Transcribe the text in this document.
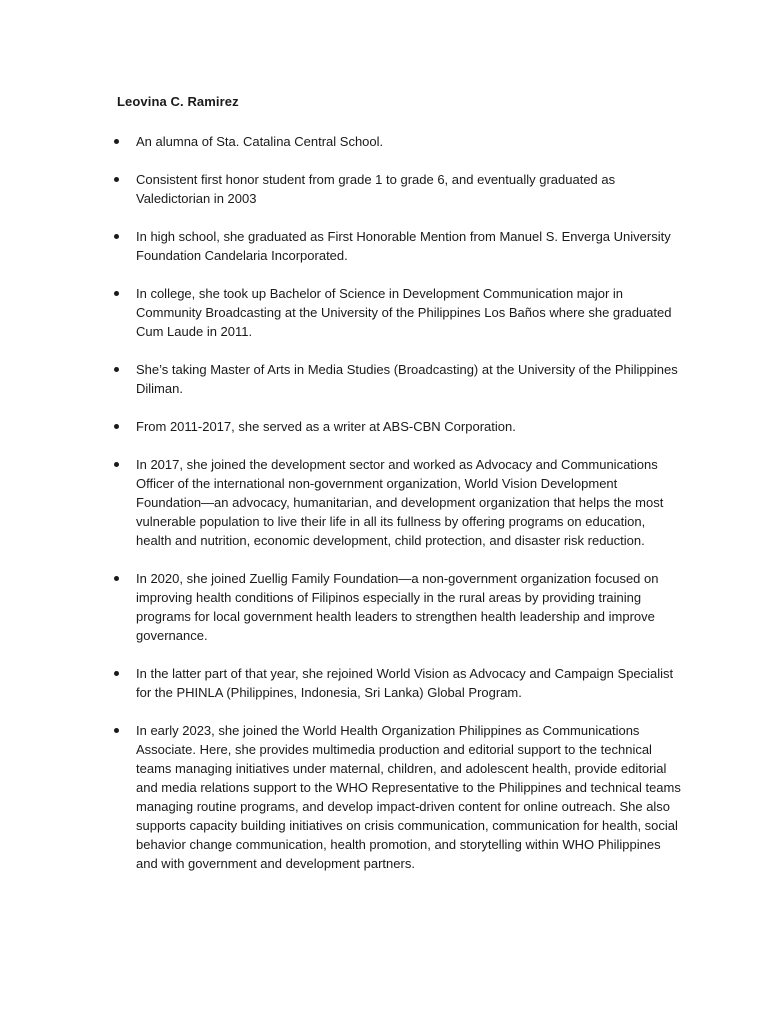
Leovina C. Ramirez
An alumna of Sta. Catalina Central School.
Consistent first honor student from grade 1 to grade 6, and eventually graduated as Valedictorian in 2003
In high school, she graduated as First Honorable Mention from Manuel S. Enverga University Foundation Candelaria Incorporated.
In college, she took up Bachelor of Science in Development Communication major in Community Broadcasting at the University of the Philippines Los Baños where she graduated Cum Laude in 2011.
She’s taking Master of Arts in Media Studies (Broadcasting) at the University of the Philippines Diliman.
From 2011-2017, she served as a writer at ABS-CBN Corporation.
In 2017, she joined the development sector and worked as Advocacy and Communications Officer of the international non-government organization, World Vision Development Foundation—an advocacy, humanitarian, and development organization that helps the most vulnerable population to live their life in all its fullness by offering programs on education, health and nutrition, economic development, child protection, and disaster risk reduction.
In 2020, she joined Zuellig Family Foundation—a non-government organization focused on improving health conditions of Filipinos especially in the rural areas by providing training programs for local government health leaders to strengthen health leadership and improve governance.
In the latter part of that year, she rejoined World Vision as Advocacy and Campaign Specialist for the PHINLA (Philippines, Indonesia, Sri Lanka) Global Program.
In early 2023, she joined the World Health Organization Philippines as Communications Associate. Here, she provides multimedia production and editorial support to the technical teams managing initiatives under maternal, children, and adolescent health, provide editorial and media relations support to the WHO Representative to the Philippines and technical teams managing routine programs, and develop impact-driven content for online outreach. She also supports capacity building initiatives on crisis communication, communication for health, social behavior change communication, health promotion, and storytelling within WHO Philippines and with government and development partners.
